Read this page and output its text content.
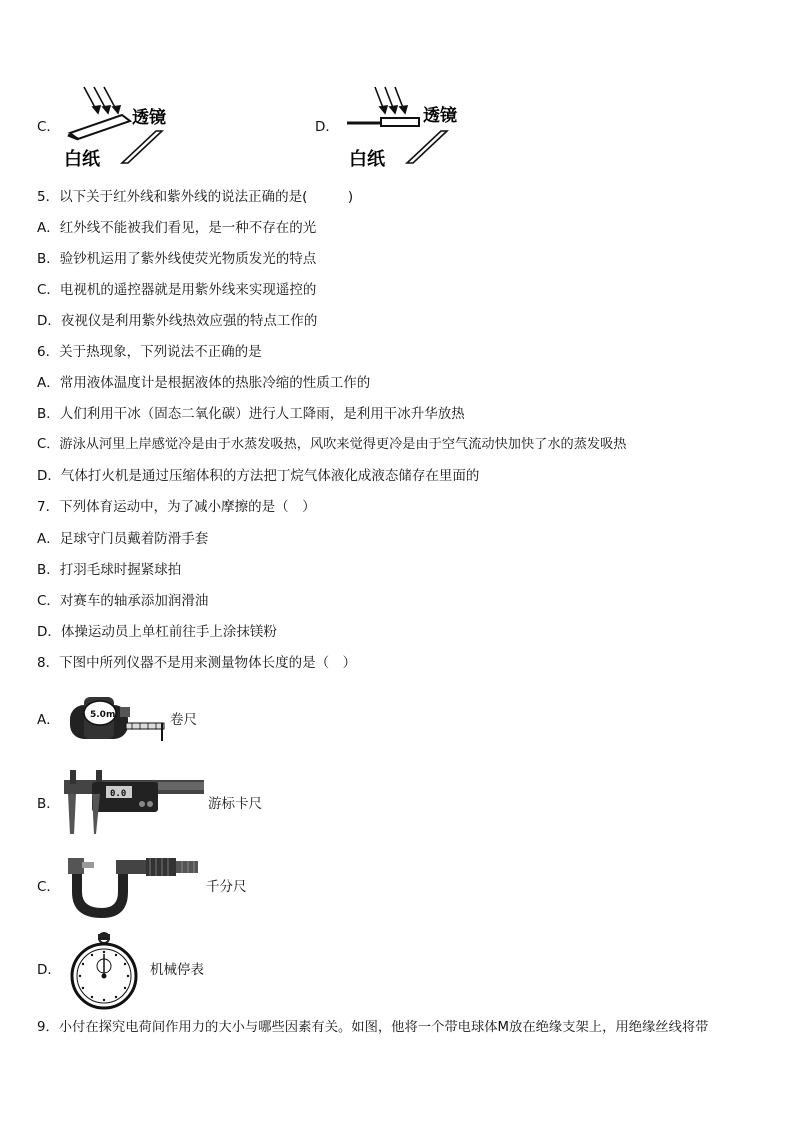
C．	透镜
白纸
D．
透镜
白纸
5．以下关于红外线和紫外线的说法正确的是(　　　)
A．红外线不能被我们看见，是一种不存在的光
B．验钞机运用了紫外线使荧光物质发光的特点
C．电视机的遥控器就是用紫外线来实现遥控的
D．夜视仪是利用紫外线热效应强的特点工作的
6．关于热现象，下列说法不正确的是
A．常用液体温度计是根据液体的热胀冷缩的性质工作的
B．人们利用干冰（固态二氧化碳）进行人工降雨，是利用干冰升华放热
C．游泳从河里上岸感觉冷是由于水蒸发吸热，风吹来觉得更冷是由于空气流动快加快了水的蒸发吸热
D．气体打火机是通过压缩体积的方法把丁烷气体液化成液态储存在里面的
7．下列体育运动中，为了减小摩擦的是（　）
A．足球守门员戴着防滑手套
B．打羽毛球时握紧球拍
C．对赛车的轴承添加润滑油
D．体操运动员上单杠前往手上涂抹镁粉
8．下图中所列仪器不是用来测量物体长度的是（　）
A．	5.0m	卷尺
B．
0.0
游标卡尺
C．	千分尺
D．	机械停表
9．小付在探究电荷间作用力的大小与哪些因素有关。如图，他将一个带电球体M放在绝缘支架上，用绝缘丝线将带
